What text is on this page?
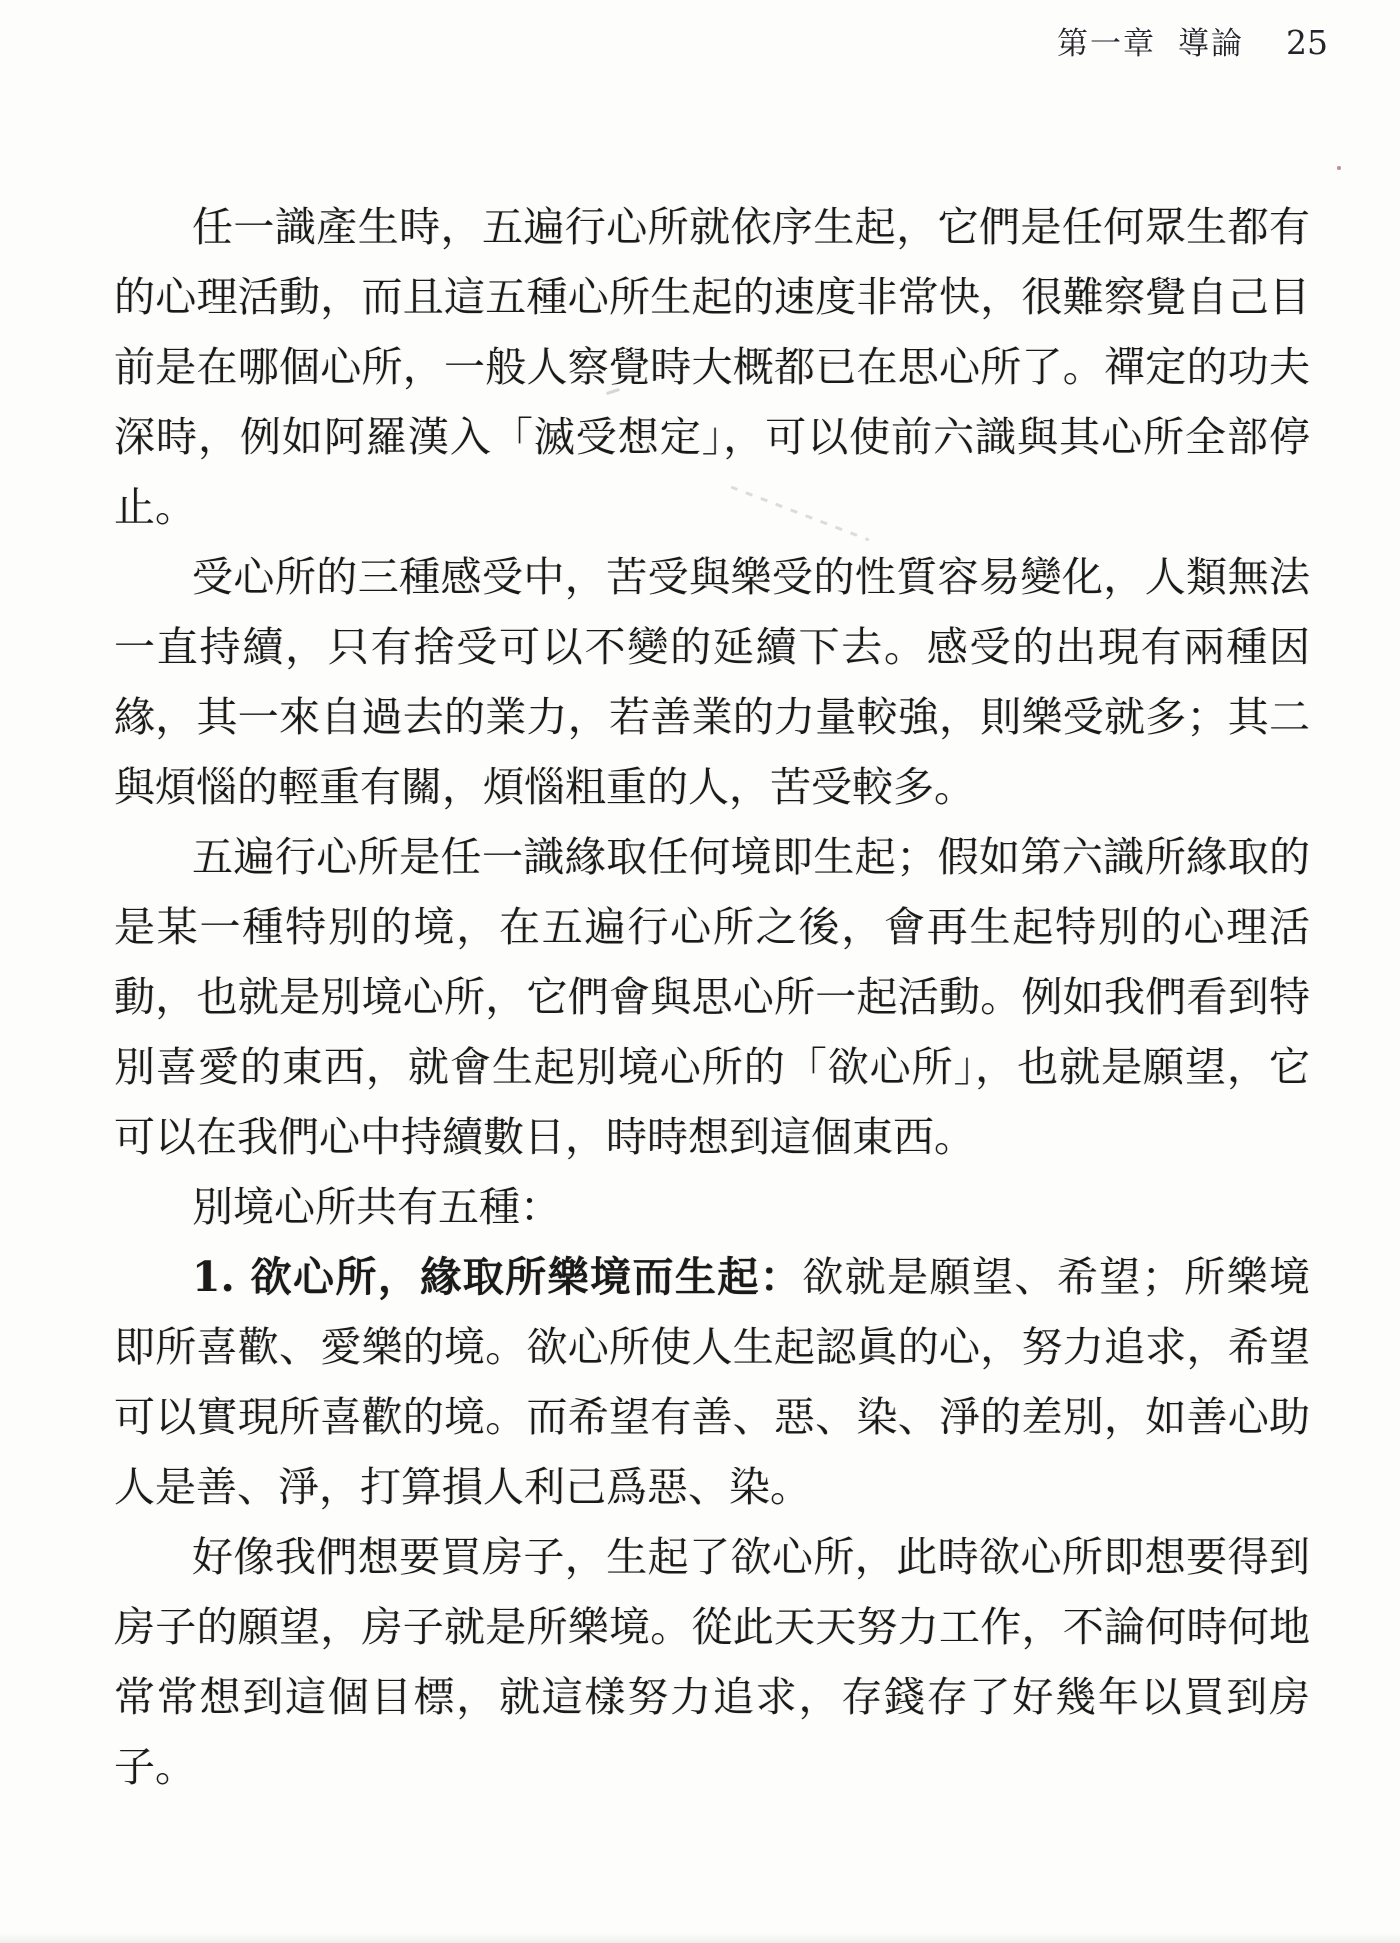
第一章 導論 25

任一識產生時，五遍行心所就依序生起，它們是任何眾生都有的心理活動，而且這五種心所生起的速度非常快，很難察覺自己目前是在哪個心所，一般人察覺時大概都已在思心所了。禪定的功夫深時，例如阿羅漢入「滅受想定」，可以使前六識與其心所全部停止。

受心所的三種感受中，苦受與樂受的性質容易變化，人類無法一直持續，只有捨受可以不變的延續下去。感受的出現有兩種因緣，其一來自過去的業力，若善業的力量較強，則樂受就多；其二與煩惱的輕重有關，煩惱粗重的人，苦受較多。

五遍行心所是任一識緣取任何境即生起；假如第六識所緣取的是某一種特別的境，在五遍行心所之後，會再生起特別的心理活動，也就是別境心所，它們會與思心所一起活動。例如我們看到特別喜愛的東西，就會生起別境心所的「欲心所」，也就是願望，它可以在我們心中持續數日，時時想到這個東西。

別境心所共有五種：

1. 欲心所，緣取所樂境而生起：欲就是願望、希望；所樂境即所喜歡、愛樂的境。欲心所使人生起認眞的心，努力追求，希望可以實現所喜歡的境。而希望有善、惡、染、淨的差別，如善心助人是善、淨，打算損人利己爲惡、染。

好像我們想要買房子，生起了欲心所，此時欲心所即想要得到房子的願望，房子就是所樂境。從此天天努力工作，不論何時何地常常想到這個目標，就這樣努力追求，存錢存了好幾年以買到房子。
